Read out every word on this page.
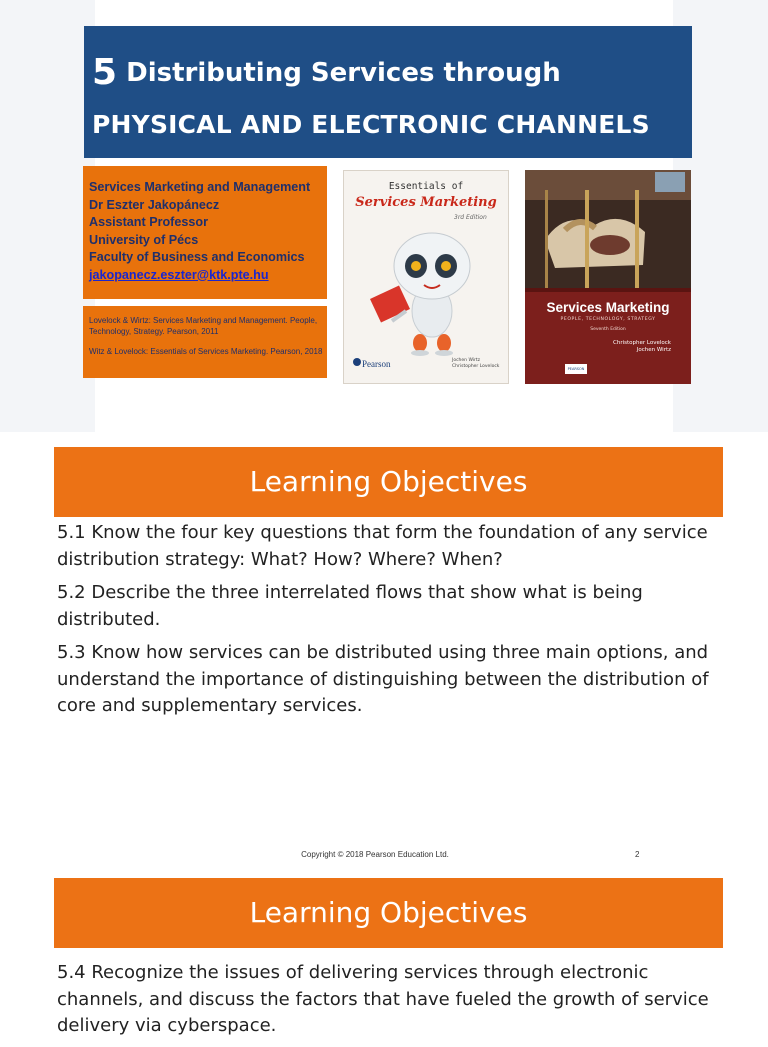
5 Distributing Services through
PHYSICAL AND ELECTRONIC CHANNELS
Services Marketing and Management
Dr Eszter Jakopánecz
Assistant Professor
University of Pécs
Faculty of Business and Economics
jakopanecz.eszter@ktk.pte.hu

Lovelock & Wirtz: Services Marketing and Management. People, Technology, Strategy. Pearson, 2011

Witz & Lovelock: Essentials of Services Marketing. Pearson, 2018

Essentials of
Services Marketing
3rd Edition
Pearson	Jochen Wirtz
Christopher Lovelock
Services Marketing
PEOPLE, TECHNOLOGY, STRATEGY
Seventh Edition
Christopher Lovelock
Jochen Wirtz
PEARSON
Learning Objectives

5.1 Know the four key questions that form the foundation of any service distribution strategy: What? How? Where? When?

5.2 Describe the three interrelated flows that show what is being distributed.

5.3 Know how services can be distributed using three main options, and understand the importance of distinguishing between the distribution of core and supplementary services.

Copyright © 2018 Pearson Education Ltd.	2
Learning Objectives

5.4 Recognize the issues of delivering services through electronic channels, and discuss the factors that have fueled the growth of service delivery via cyberspace.
